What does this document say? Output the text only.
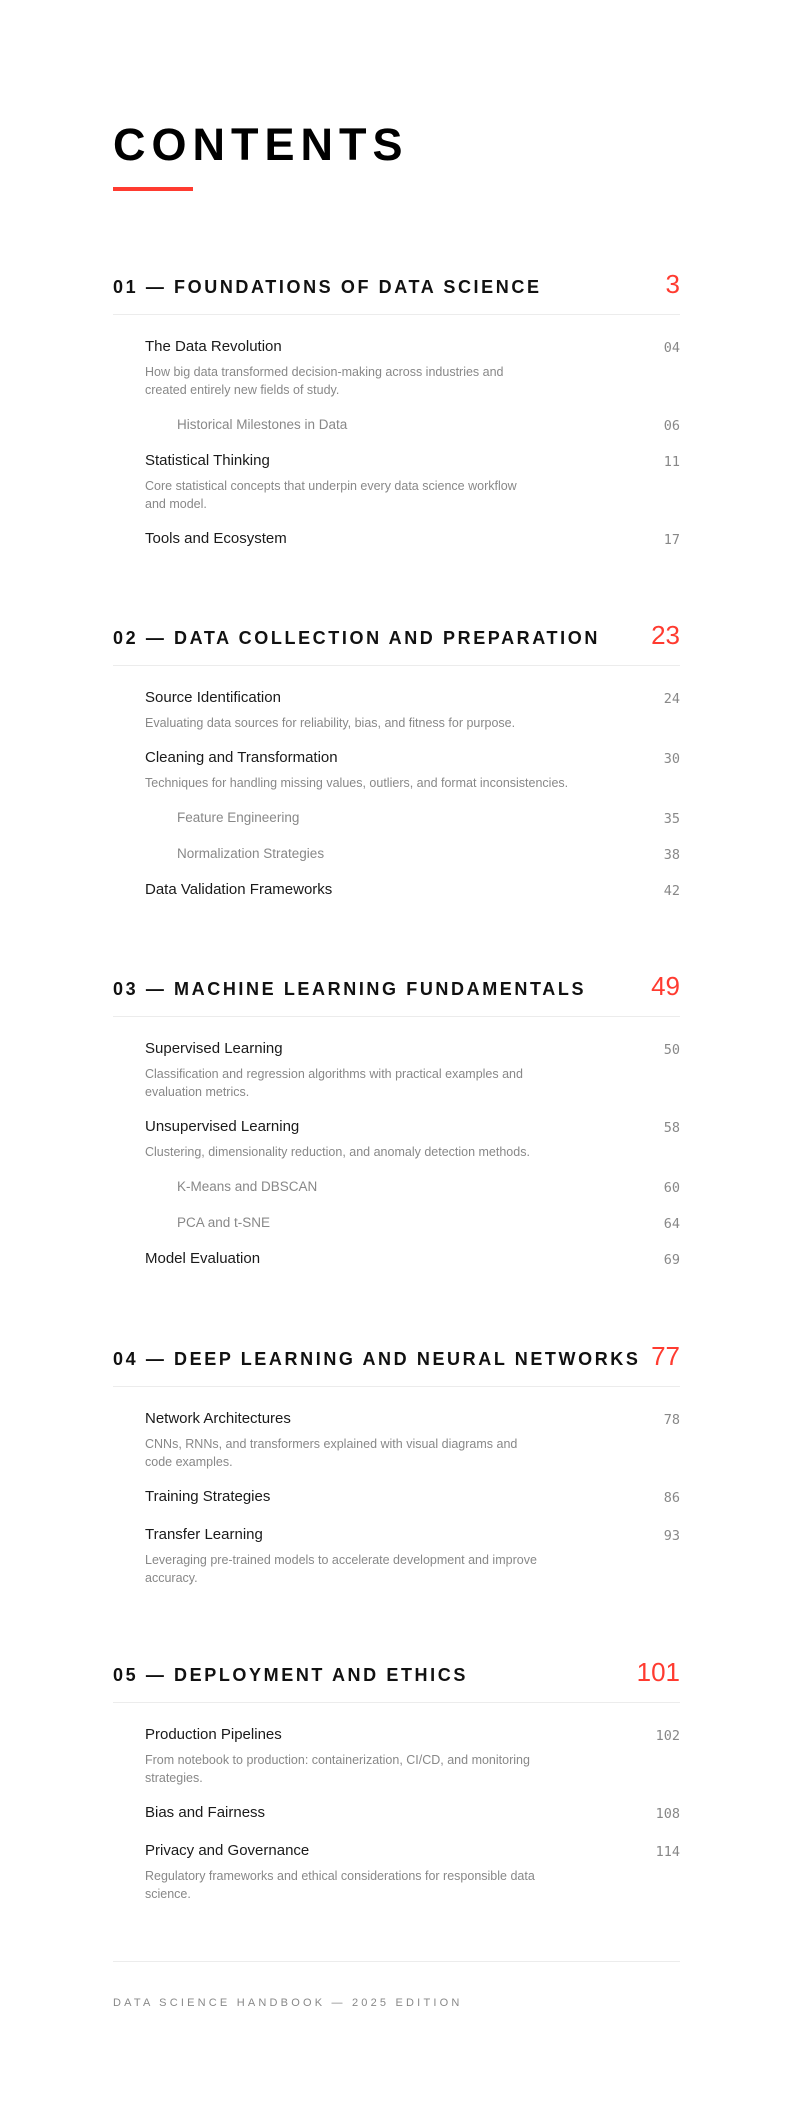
CONTENTS
01 — FOUNDATIONS OF DATA SCIENCE	3
The Data Revolution	04

How big data transformed decision-making across industries and created entirely new fields of study.

Historical Milestones in Data	06
Statistical Thinking	11

Core statistical concepts that underpin every data science workflow and model.

Tools and Ecosystem	17
02 — DATA COLLECTION AND PREPARATION 23
Source Identification	24

Evaluating data sources for reliability, bias, and fitness for purpose.

Cleaning and Transformation	30

Techniques for handling missing values, outliers, and format inconsistencies.

Feature Engineering	35
Normalization Strategies	38
Data Validation Frameworks	42
03 — MACHINE LEARNING FUNDAMENTALS	49
Supervised Learning	50

Classification and regression algorithms with practical examples and evaluation metrics.

Unsupervised Learning	58

Clustering, dimensionality reduction, and anomaly detection methods.

K-Means and DBSCAN	60
PCA and t-SNE	64
Model Evaluation	69
04 — DEEP LEARNING AND NEURAL NETWORKS 77
Network Architectures	78

CNNs, RNNs, and transformers explained with visual diagrams and code examples.

Training Strategies	86
Transfer Learning	93

Leveraging pre-trained models to accelerate development and improve accuracy.

05 — DEPLOYMENT AND ETHICS	101
Production Pipelines	102

From notebook to production: containerization, CI/CD, and monitoring strategies.

Bias and Fairness	108
Privacy and Governance	114

Regulatory frameworks and ethical considerations for responsible data science.

DATA SCIENCE HANDBOOK — 2025 EDITION
